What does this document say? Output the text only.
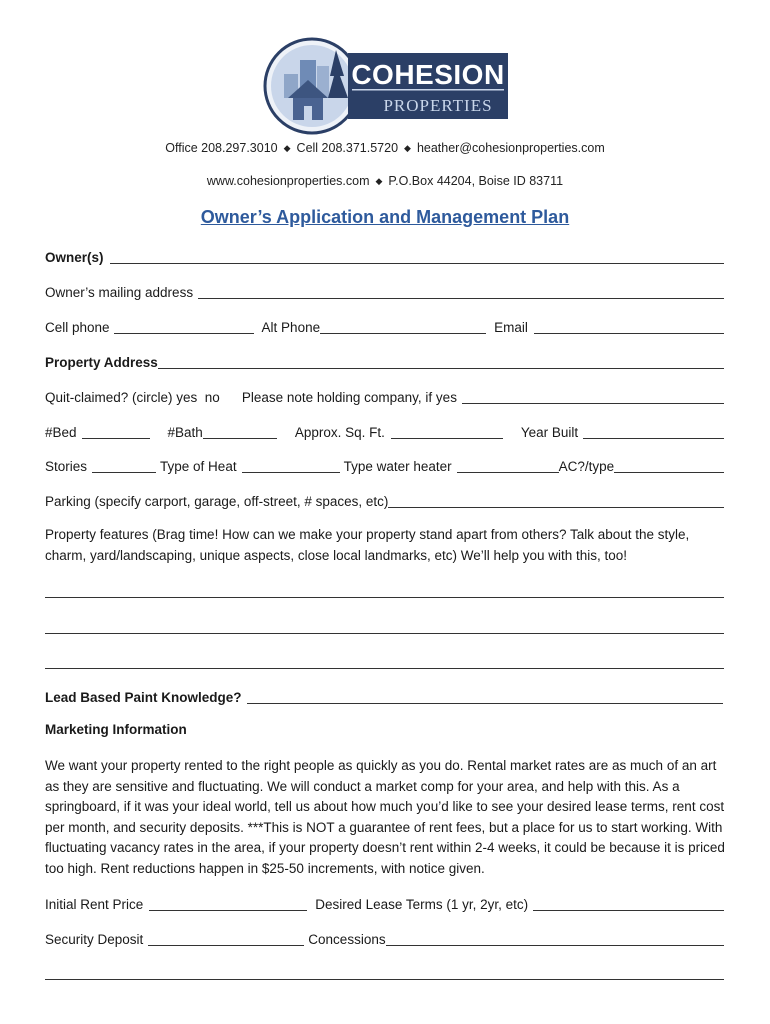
COHESION
PROPERTIES
Office 208.297.3010 ◆ Cell 208.371.5720 ◆ heather@cohesionproperties.com
www.cohesionproperties.com ◆ P.O.Box 44204, Boise ID 83711
Owner’s Application and Management Plan
Owner(s)
Owner’s mailing address
Cell phone	Alt Phone	Email
Property Address
Quit-claimed? (circle) yes  no Please note holding company, if yes
#Bed	#Bath	Approx. Sq. Ft.	Year Built
Stories	Type of Heat	Type water heater	AC?/type
Parking (specify carport, garage, off-street, # spaces, etc)
Property features (Brag time! How can we make your property stand apart from others? Talk about the style, charm, yard/landscaping, unique aspects, close local landmarks, etc) We’ll help you with this, too!
Lead Based Paint Knowledge?
Marketing Information
We want your property rented to the right people as quickly as you do. Rental market rates are as much of an art as they are sensitive and fluctuating. We will conduct a market comp for your area, and help with this. As a springboard, if it was your ideal world, tell us about how much you’d like to see your desired lease terms, rent cost per month, and security deposits. ***This is NOT a guarantee of rent fees, but a place for us to start working. With fluctuating vacancy rates in the area, if your property doesn’t rent within 2-4 weeks, it could be because it is priced too high. Rent reductions happen in $25-50 increments, with notice given.
Initial Rent Price	Desired Lease Terms (1 yr, 2yr, etc)
Security Deposit	Concessions
